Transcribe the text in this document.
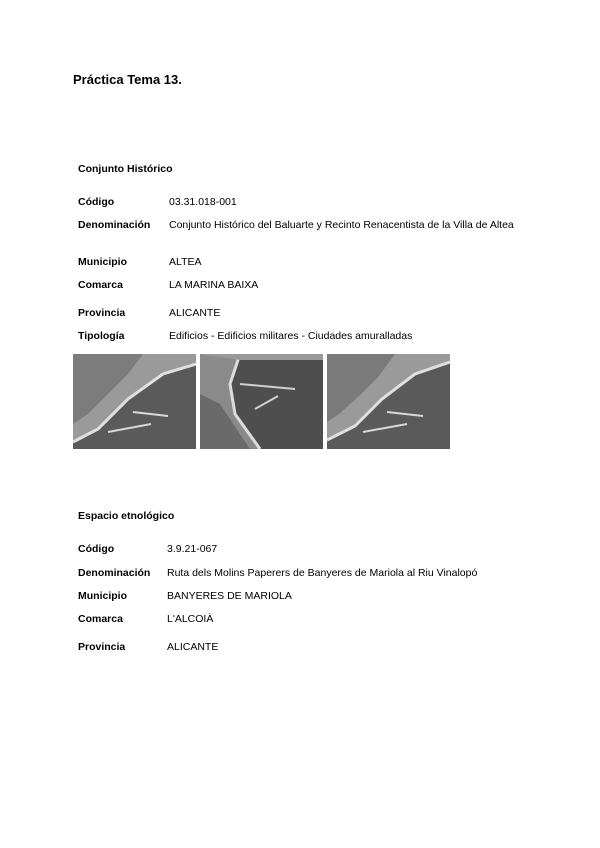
Práctica Tema 13.
Conjunto Histórico
Código	03.31.018-001
Denominación	Conjunto Histórico del Baluarte y Recinto Renacentista de la Villa de Altea
Municipio	ALTEA
Comarca	LA MARINA BAIXA
Provincia	ALICANTE
Tipología	Edificios - Edificios militares - Ciudades amuralladas
Espacio etnológico
Código	3.9.21-067
Denominación	Ruta dels Molins Paperers de Banyeres de Mariola al Riu Vinalopó
Municipio	BANYERES DE MARIOLA
Comarca	L'ALCOIÀ
Provincia	ALICANTE
